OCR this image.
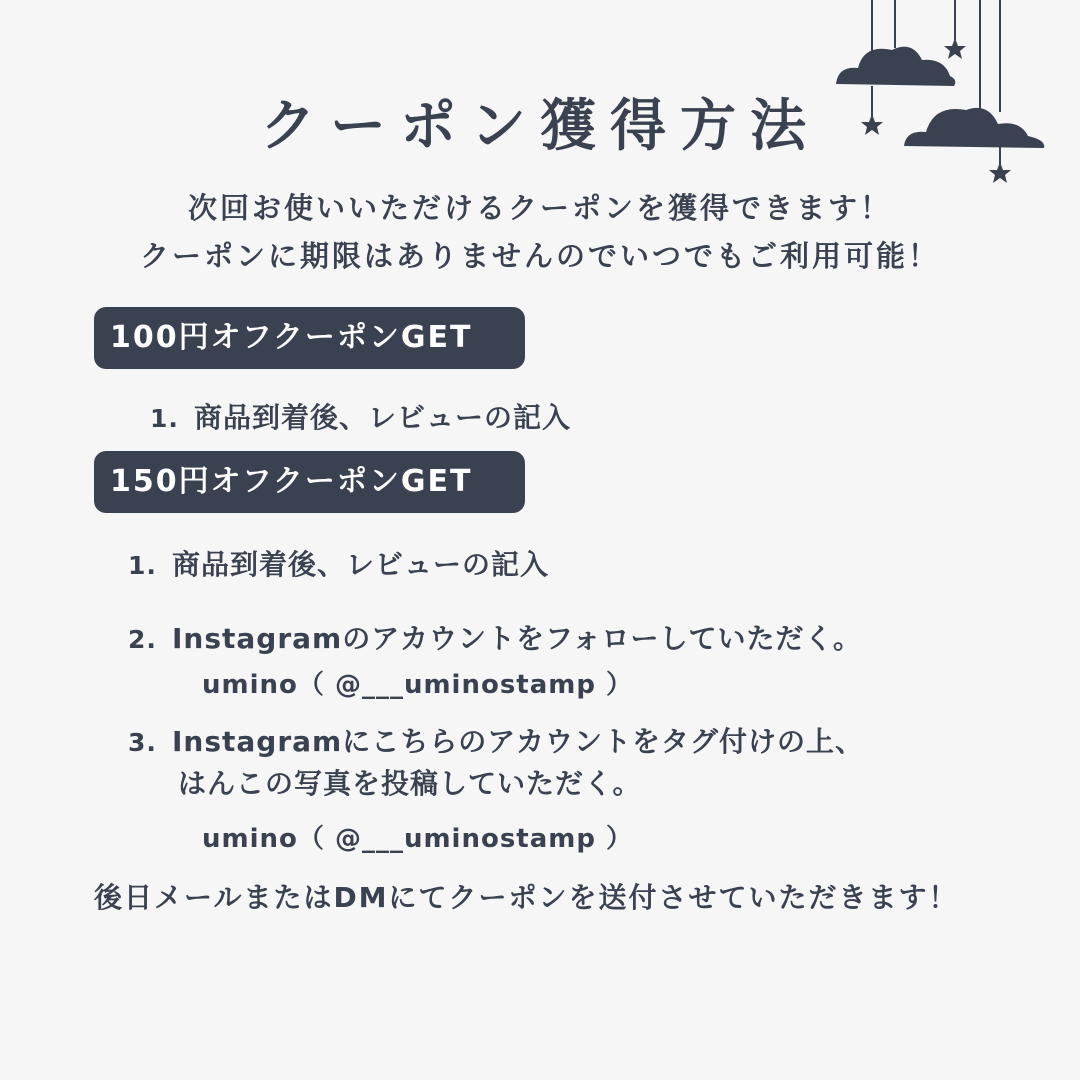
クーポン獲得方法
次回お使いいただけるクーポンを獲得できます！
クーポンに期限はありませんのでいつでもご利用可能！
100円オフクーポンGET
1. 商品到着後、レビューの記入
150円オフクーポンGET
1. 商品到着後、レビューの記入
2. Instagramのアカウントをフォローしていただく。
umino（ @___uminostamp ）
3. Instagramにこちらのアカウントをタグ付けの上、
はんこの写真を投稿していただく。
umino（ @___uminostamp ）
後日メールまたはDMにてクーポンを送付させていただきます！
